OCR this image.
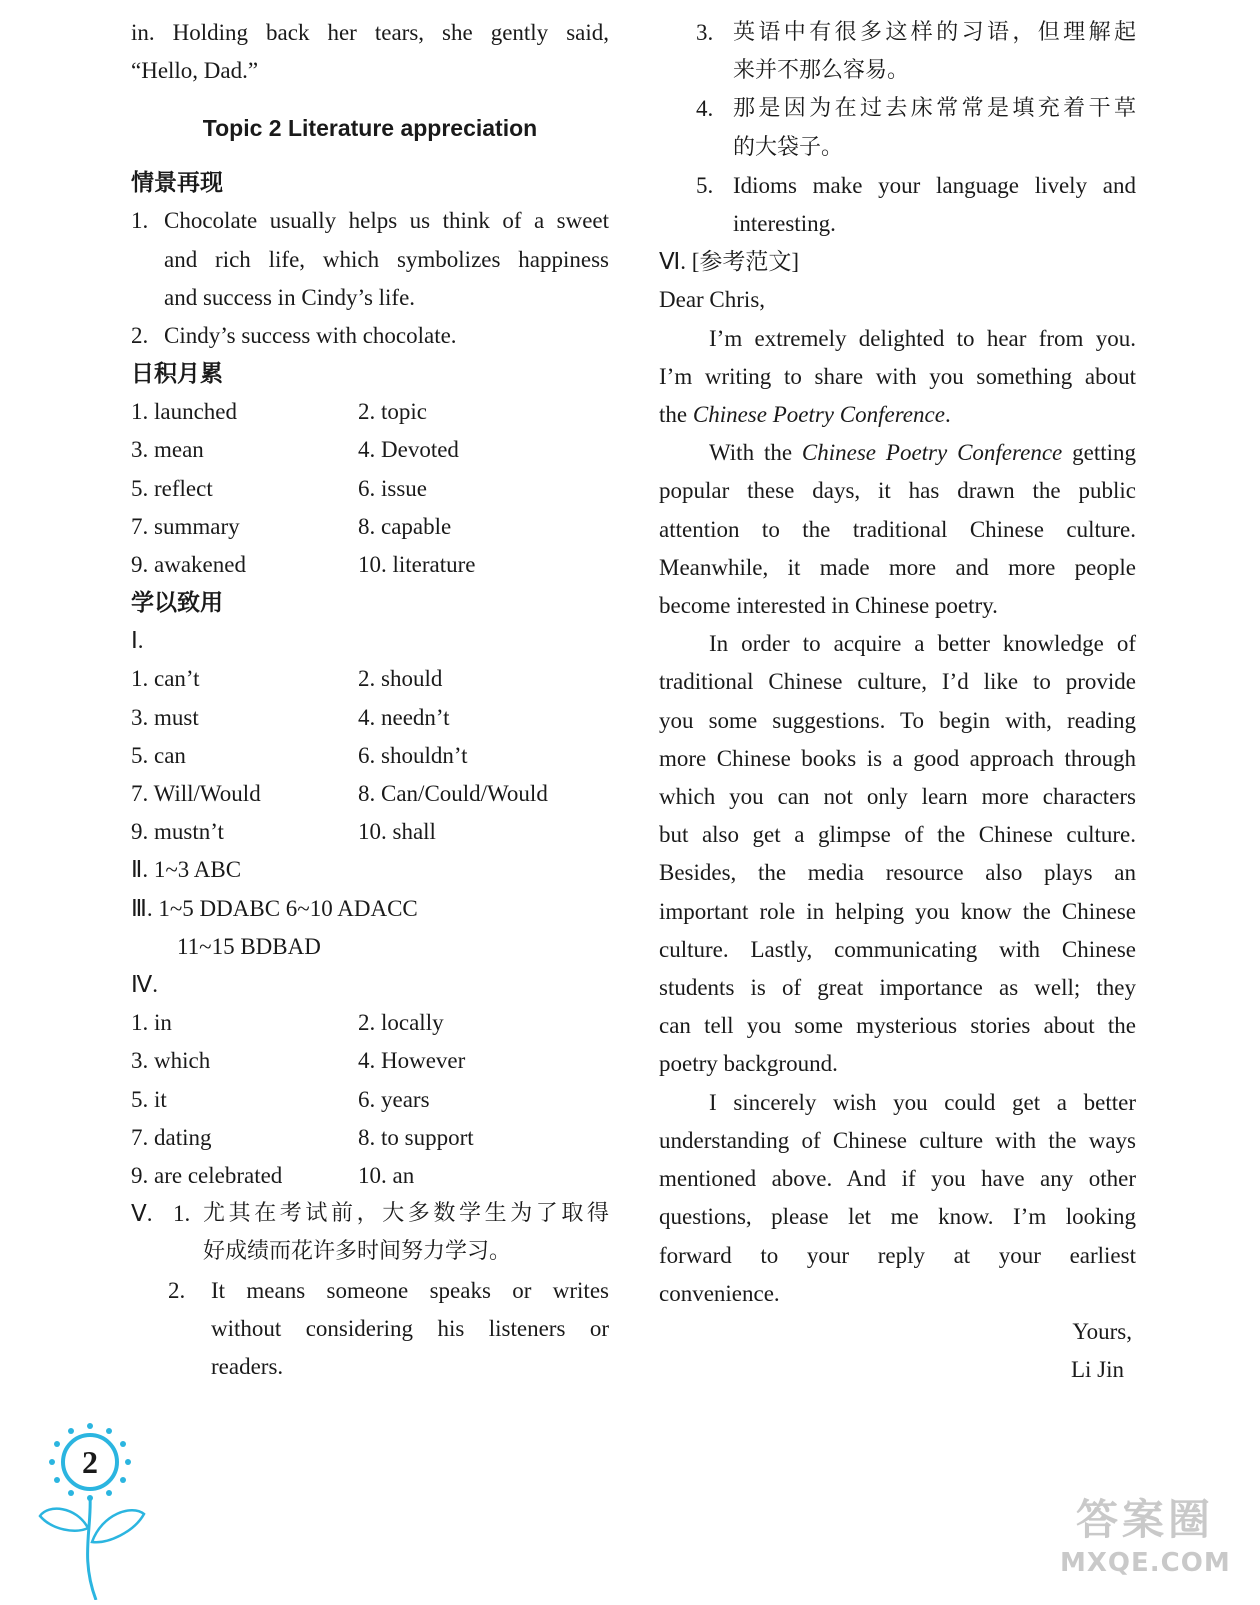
in. Holding back her tears, she gently said,
“Hello, Dad.”
Topic 2 Literature appreciation
情景再现
1. Chocolate usually helps us think of a sweet
and rich life, which symbolizes happiness
and success in Cindy’s life.
2. Cindy’s success with chocolate.
日积月累
1. launched	2. topic
3. mean	4. Devoted
5. reflect	6. issue
7. summary	8. capable
9. awakened	10. literature
学以致用
Ⅰ.
1. can’t	2. should
3. must	4. needn’t
5. can	6. shouldn’t
7. Will/Would	8. Can/Could/Would
9. mustn’t	10. shall
Ⅱ. 1~3 ABC
Ⅲ. 1~5 DDABC 6~10 ADACC
11~15 BDBAD
Ⅳ.
1. in	2. locally
3. which	4. However
5. it	6. years
7. dating	8. to support
9. are celebrated	10. an
Ⅴ. 1. 尤其在考试前，大多数学生为了取得
好成绩而花许多时间努力学习。
2.	It means someone speaks or writes
without considering his listeners or
readers.
3. 英语中有很多这样的习语，但理解起
来并不那么容易。
4. 那是因为在过去床常常是填充着干草
的大袋子。
5. Idioms make your language lively and
interesting.
Ⅵ. [参考范文]
Dear Chris,
I’m extremely delighted to hear from you.
I’m writing to share with you something about
the Chinese Poetry Conference.
With the Chinese Poetry Conference getting
popular these days, it has drawn the public
attention to the traditional Chinese culture.
Meanwhile, it made more and more people
become interested in Chinese poetry.
In order to acquire a better knowledge of
traditional Chinese culture, I’d like to provide
you some suggestions. To begin with, reading
more Chinese books is a good approach through
which you can not only learn more characters
but also get a glimpse of the Chinese culture.
Besides, the media resource also plays an
important role in helping you know the Chinese
culture. Lastly, communicating with Chinese
students is of great importance as well; they
can tell you some mysterious stories about the
poetry background.
I sincerely wish you could get a better
understanding of Chinese culture with the ways
mentioned above. And if you have any other
questions, please let me know. I’m looking
forward to your reply at your earliest
convenience.
Yours,
Li Jin
2
答案圈
MXQE.COM
